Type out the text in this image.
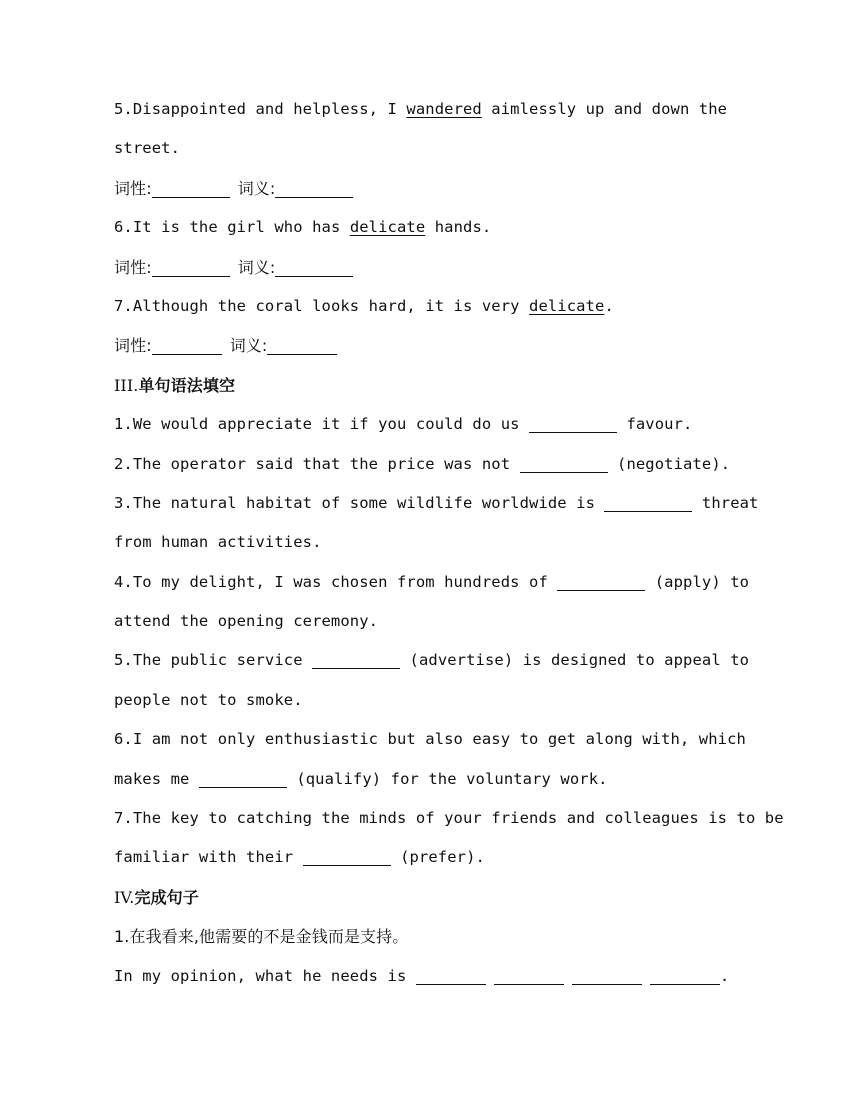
5.Disappointed and helpless, I wandered aimlessly up and down the
street.
词性:	词义:
6.It is the girl who has delicate hands.
词性:	词义:
7.Although the coral looks hard, it is very delicate.
词性:	词义:
III.单句语法填空
1.We would appreciate it if you could do us	favour.
2.The operator said that the price was not	(negotiate).
3.The natural habitat of some wildlife worldwide is	threat
from human activities.
4.To my delight, I was chosen from hundreds of	(apply) to
attend the opening ceremony.
5.The public service	(advertise) is designed to appeal to
people not to smoke.
6.I am not only enthusiastic but also easy to get along with, which
makes me	(qualify) for the voluntary work.
7.The key to catching the minds of your friends and colleagues is to be
familiar with their	(prefer).
IV.完成句子
1.在我看来,他需要的不是金钱而是支持。
In my opinion, what he needs is	.
